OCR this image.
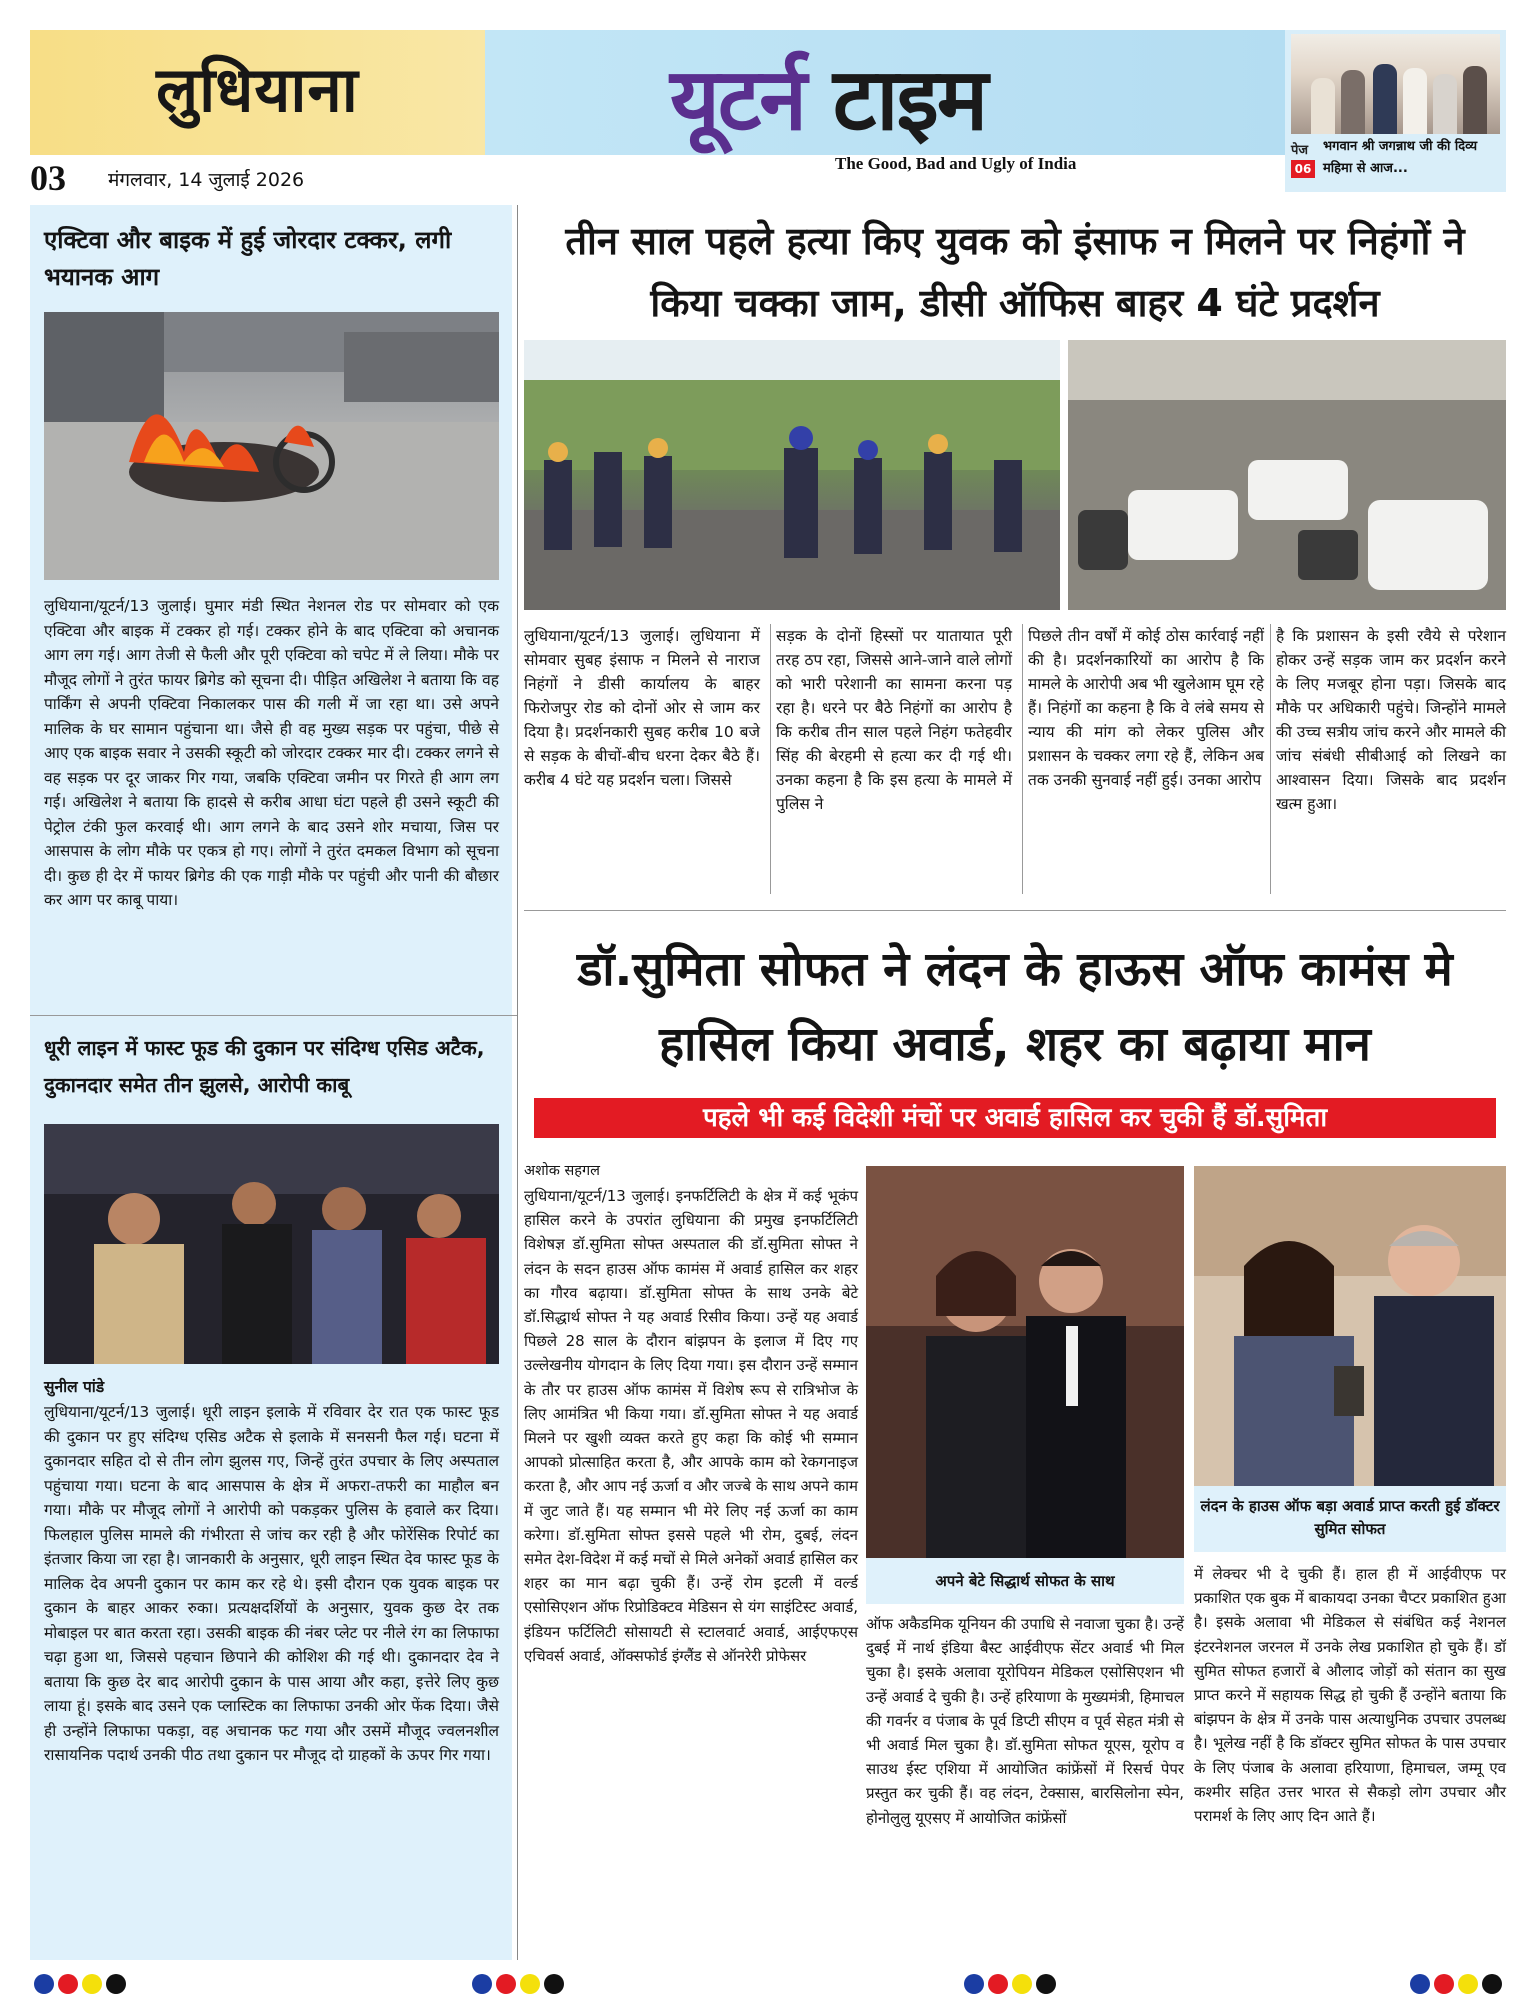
लुधियाना	यूटर्न टाइम
The Good, Bad and Ugly of India
03 मंगलवार, 14 जुलाई 2026
पेज
06
भगवान श्री जगन्नाथ जी की दिव्य महिमा से आज...
एक्टिवा और बाइक में हुई जोरदार टक्कर, लगी भयानक आग

लुधियाना/यूटर्न/13 जुलाई। घुमार मंडी स्थित नेशनल रोड पर सोमवार को एक एक्टिवा और बाइक में टक्कर हो गई। टक्कर होने के बाद एक्टिवा को अचानक आग लग गई। आग तेजी से फैली और पूरी एक्टिवा को चपेट में ले लिया। मौके पर मौजूद लोगों ने तुरंत फायर ब्रिगेड को सूचना दी। पीड़ित अखिलेश ने बताया कि वह पार्किंग से अपनी एक्टिवा निकालकर पास की गली में जा रहा था। उसे अपने मालिक के घर सामान पहुंचाना था। जैसे ही वह मुख्य सड़क पर पहुंचा, पीछे से आए एक बाइक सवार ने उसकी स्कूटी को जोरदार टक्कर मार दी। टक्कर लगने से वह सड़क पर दूर जाकर गिर गया, जबकि एक्टिवा जमीन पर गिरते ही आग लग गई। अखिलेश ने बताया कि हादसे से करीब आधा घंटा पहले ही उसने स्कूटी की पेट्रोल टंकी फुल करवाई थी। आग लगने के बाद उसने शोर मचाया, जिस पर आसपास के लोग मौके पर एकत्र हो गए। लोगों ने तुरंत दमकल विभाग को सूचना दी। कुछ ही देर में फायर ब्रिगेड की एक गाड़ी मौके पर पहुंची और पानी की बौछार कर आग पर काबू पाया।

धूरी लाइन में फास्ट फूड की दुकान पर संदिग्ध एसिड अटैक, दुकानदार समेत तीन झुलसे, आरोपी काबू
सुनील पांडे

लुधियाना/यूटर्न/13 जुलाई। धूरी लाइन इलाके में रविवार देर रात एक फास्ट फूड की दुकान पर हुए संदिग्ध एसिड अटैक से इलाके में सनसनी फैल गई। घटना में दुकानदार सहित दो से तीन लोग झुलस गए, जिन्हें तुरंत उपचार के लिए अस्पताल पहुंचाया गया। घटना के बाद आसपास के क्षेत्र में अफरा-तफरी का माहौल बन गया। मौके पर मौजूद लोगों ने आरोपी को पकड़कर पुलिस के हवाले कर दिया। फिलहाल पुलिस मामले की गंभीरता से जांच कर रही है और फोरेंसिक रिपोर्ट का इंतजार किया जा रहा है। जानकारी के अनुसार, धूरी लाइन स्थित देव फास्ट फूड के मालिक देव अपनी दुकान पर काम कर रहे थे। इसी दौरान एक युवक बाइक पर दुकान के बाहर आकर रुका। प्रत्यक्षदर्शियों के अनुसार, युवक कुछ देर तक मोबाइल पर बात करता रहा। उसकी बाइक की नंबर प्लेट पर नीले रंग का लिफाफा चढ़ा हुआ था, जिससे पहचान छिपाने की कोशिश की गई थी। दुकानदार देव ने बताया कि कुछ देर बाद आरोपी दुकान के पास आया और कहा, इत्तेरे लिए कुछ लाया हूं। इसके बाद उसने एक प्लास्टिक का लिफाफा उनकी ओर फेंक दिया। जैसे ही उन्होंने लिफाफा पकड़ा, वह अचानक फट गया और उसमें मौजूद ज्वलनशील रासायनिक पदार्थ उनकी पीठ तथा दुकान पर मौजूद दो ग्राहकों के ऊपर गिर गया।

तीन साल पहले हत्या किए युवक को इंसाफ न मिलने पर निहंगों ने किया चक्का जाम, डीसी ऑफिस बाहर 4 घंटे प्रदर्शन

लुधियाना/यूटर्न/13 जुलाई। लुधियाना में सोमवार सुबह इंसाफ न मिलने से नाराज निहंगों ने डीसी कार्यालय के बाहर फिरोजपुर रोड को दोनों ओर से जाम कर दिया है। प्रदर्शनकारी सुबह करीब 10 बजे से सड़क के बीचों-बीच धरना देकर बैठे हैं। करीब 4 घंटे यह प्रदर्शन चला। जिससे

सड़क के दोनों हिस्सों पर यातायात पूरी तरह ठप रहा, जिससे आने-जाने वाले लोगों को भारी परेशानी का सामना करना पड़ रहा है। धरने पर बैठे निहंगों का आरोप है कि करीब तीन साल पहले निहंग फतेहवीर सिंह की बेरहमी से हत्या कर दी गई थी। उनका कहना है कि इस हत्या के मामले में पुलिस ने

पिछले तीन वर्षों में कोई ठोस कार्रवाई नहीं की है। प्रदर्शनकारियों का आरोप है कि मामले के आरोपी अब भी खुलेआम घूम रहे हैं। निहंगों का कहना है कि वे लंबे समय से न्याय की मांग को लेकर पुलिस और प्रशासन के चक्कर लगा रहे हैं, लेकिन अब तक उनकी सुनवाई नहीं हुई। उनका आरोप

है कि प्रशासन के इसी रवैये से परेशान होकर उन्हें सड़क जाम कर प्रदर्शन करने के लिए मजबूर होना पड़ा। जिसके बाद मौके पर अधिकारी पहुंचे। जिन्होंने मामले की उच्च सत्रीय जांच करने और मामले की जांच संबंधी सीबीआई को लिखने का आश्वासन दिया। जिसके बाद प्रदर्शन खत्म हुआ।

डॉ.सुमिता सोफत ने लंदन के हाऊस ऑफ कामंस मे हासिल किया अवार्ड, शहर का बढ़ाया मान
पहले भी कई विदेशी मंचों पर अवार्ड हासिल कर चुकी हैं डॉ.सुमिता
अशोक सहगल

लुधियाना/यूटर्न/13 जुलाई। इनफर्टिलिटी के क्षेत्र में कई भूकंप हासिल करने के उपरांत लुधियाना की प्रमुख इनफर्टिलिटी विशेषज्ञ डॉ.सुमिता सोफ्त अस्पताल की डॉ.सुमिता सोफ्त ने लंदन के सदन हाउस ऑफ कामंस में अवार्ड हासिल कर शहर का गौरव बढ़ाया। डॉ.सुमिता सोफ्त के साथ उनके बेटे डॉ.सिद्धार्थ सोफ्त ने यह अवार्ड रिसीव किया। उन्हें यह अवार्ड पिछले 28 साल के दौरान बांझपन के इलाज में दिए गए उल्लेखनीय योगदान के लिए दिया गया। इस दौरान उन्हें सम्मान के तौर पर हाउस ऑफ कामंस में विशेष रूप से रात्रिभोज के लिए आमंत्रित भी किया गया। डॉ.सुमिता सोफ्त ने यह अवार्ड मिलने पर खुशी व्यक्त करते हुए कहा कि कोई भी सम्मान आपको प्रोत्साहित करता है, और आपके काम को रेकगनाइज करता है, और आप नई ऊर्जा व और जज्बे के साथ अपने काम में जुट जाते हैं। यह सम्मान भी मेरे लिए नई ऊर्जा का काम करेगा। डॉ.सुमिता सोफ्त इससे पहले भी रोम, दुबई, लंदन समेत देश-विदेश में कई मचों से मिले अनेकों अवार्ड हासिल कर शहर का मान बढ़ा चुकी हैं। उन्हें रोम इटली में वर्ल्ड एसोसिएशन ऑफ रिप्रोडिक्टव मेडिसन से यंग साइंटिस्ट अवार्ड, इंडियन फर्टिलिटी सोसायटी से स्टालवार्ट अवार्ड, आईएफएस एचिवर्स अवार्ड, ऑक्सफोर्ड इंग्लैंड से ऑनरेरी प्रोफेसर

अपने बेटे सिद्धार्थ सोफत के साथ
लंदन के हाउस ऑफ बड़ा अवार्ड प्राप्त करती हुई डॉक्टर सुमित सोफत

ऑफ अकैडमिक यूनियन की उपाधि से नवाजा चुका है। उन्हें दुबई में नार्थ इंडिया बैस्ट आईवीएफ सेंटर अवार्ड भी मिल चुका है। इसके अलावा यूरोपियन मेडिकल एसोसिएशन भी उन्हें अवार्ड दे चुकी है। उन्हें हरियाणा के मुख्यमंत्री, हिमाचल की गवर्नर व पंजाब के पूर्व डिप्टी सीएम व पूर्व सेहत मंत्री से भी अवार्ड मिल चुका है। डॉ.सुमिता सोफत यूएस, यूरोप व साउथ ईस्ट एशिया में आयोजित कांफ्रेंसों में रिसर्च पेपर प्रस्तुत कर चुकी हैं। वह लंदन, टेक्सास, बारसिलोना स्पेन, होनोलुलु यूएसए में आयोजित कांफ्रेंसों

में लेक्चर भी दे चुकी हैं। हाल ही में आईवीएफ पर प्रकाशित एक बुक में बाकायदा उनका चैप्टर प्रकाशित हुआ है। इसके अलावा भी मेडिकल से संबंधित कई नेशनल इंटरनेशनल जरनल में उनके लेख प्रकाशित हो चुके हैं। डॉ सुमित सोफत हजारों बे औलाद जोड़ों को संतान का सुख प्राप्त करने में सहायक सिद्ध हो चुकी हैं उन्होंने बताया कि बांझपन के क्षेत्र में उनके पास अत्याधुनिक उपचार उपलब्ध है। भूलेख नहीं है कि डॉक्टर सुमित सोफत के पास उपचार के लिए पंजाब के अलावा हरियाणा, हिमाचल, जम्मू एव कश्मीर सहित उत्तर भारत से सैकड़ो लोग उपचार और परामर्श के लिए आए दिन आते हैं।
